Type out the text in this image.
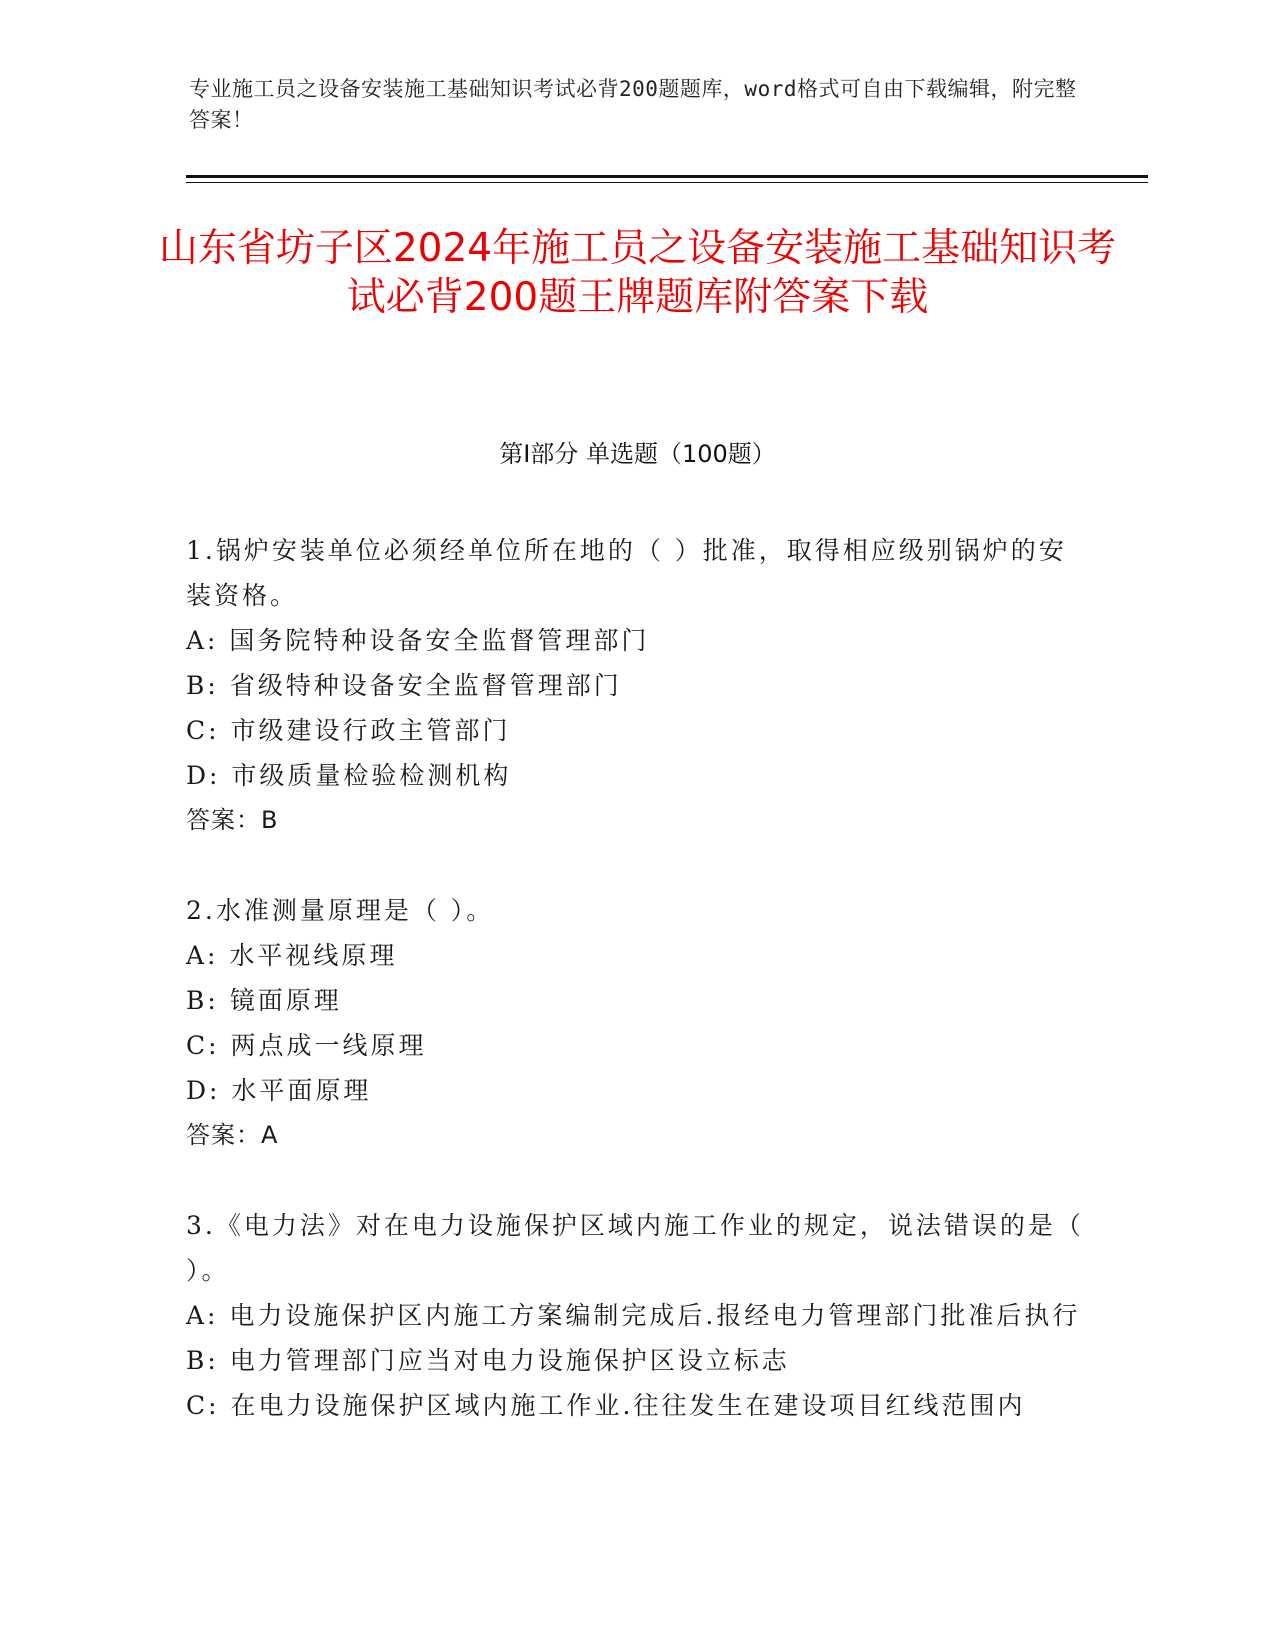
专业施工员之设备安装施工基础知识考试必背200题题库，word格式可自由下载编辑，附完整答案！
山东省坊子区2024年施工员之设备安装施工基础知识考试必背200题王牌题库附答案下载
第I部分 单选题（100题）

1.锅炉安装单位必须经单位所在地的（ ）批准，取得相应级别锅炉的安装资格。

A: 国务院特种设备安全监督管理部门

B: 省级特种设备安全监督管理部门

C: 市级建设行政主管部门

D: 市级质量检验检测机构

答案：B

2.水准测量原理是（ ）。

A: 水平视线原理

B: 镜面原理

C: 两点成一线原理

D: 水平面原理

答案：A

3.《电力法》对在电力设施保护区域内施工作业的规定，说法错误的是（ ）。

A: 电力设施保护区内施工方案编制完成后.报经电力管理部门批准后执行

B: 电力管理部门应当对电力设施保护区设立标志

C: 在电力设施保护区域内施工作业.往往发生在建设项目红线范围内
